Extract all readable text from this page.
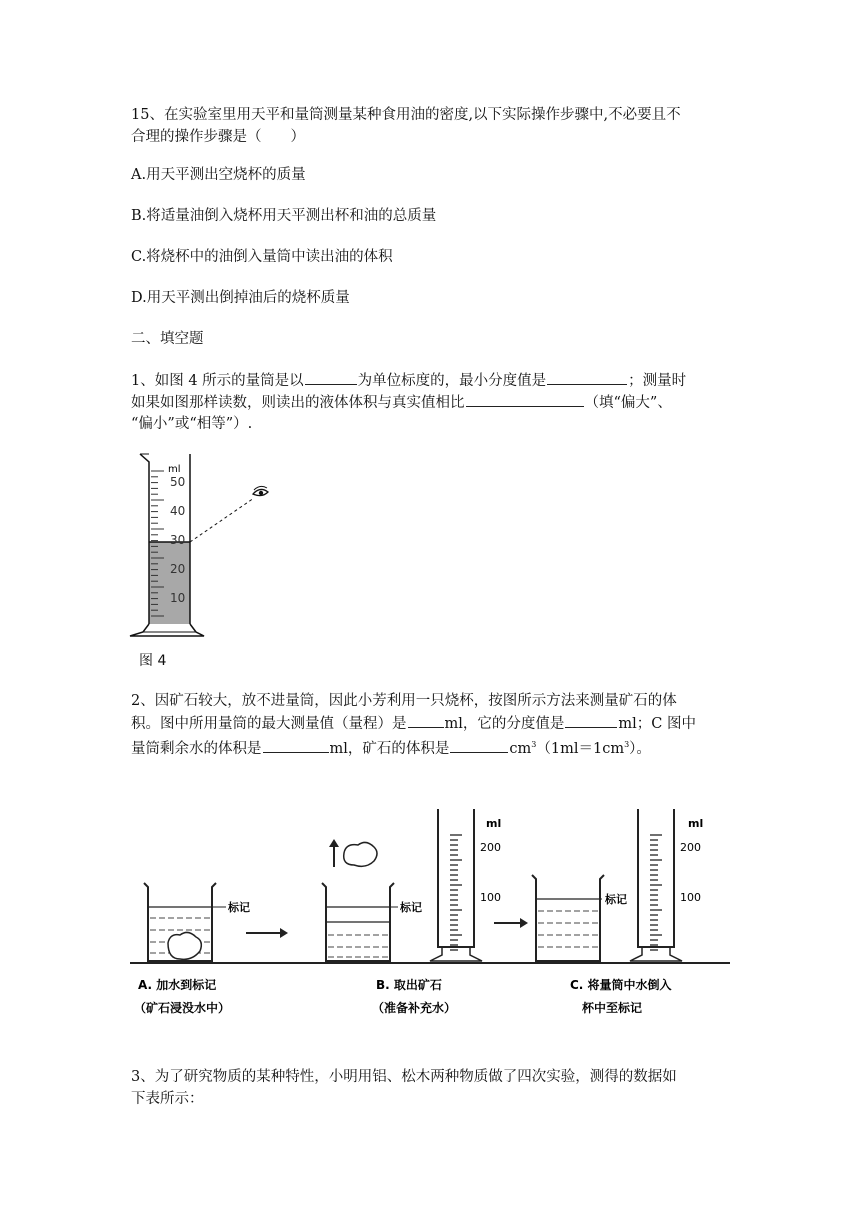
15、在实验室里用天平和量筒测量某种食用油的密度,以下实际操作步骤中,不必要且不

合理的操作步骤是（　　）

A.用天平测出空烧杯的质量

B.将适量油倒入烧杯用天平测出杯和油的总质量

C.将烧杯中的油倒入量筒中读出油的体积

D.用天平测出倒掉油后的烧杯质量

二、填空题

1、如图 4 所示的量筒是以	为单位标度的，最小分度值是	；测量时

如果如图那样读数，则读出的液体体积与真实值相比	（填“偏大”、

“偏小”或“相等”）.

ml
50
40
30
20
10
图 4

2、因矿石较大，放不进量筒，因此小芳利用一只烧杯，按图所示方法来测量矿石的体

积。图中所用量筒的最大测量值（量程）是	ml，它的分度值是	ml；C 图中

量筒剩余水的体积是	ml，矿石的体积是	$cm^3(1ml=1cm^3)$。

标记	标记
ml
200
100	标记
ml
200
100
A. 加水到标记
（矿石浸没水中）
B. 取出矿石
（准备补充水）
C. 将量筒中水倒入
杯中至标记

3、为了研究物质的某种特性，小明用铝、松木两种物质做了四次实验，测得的数据如

下表所示：
